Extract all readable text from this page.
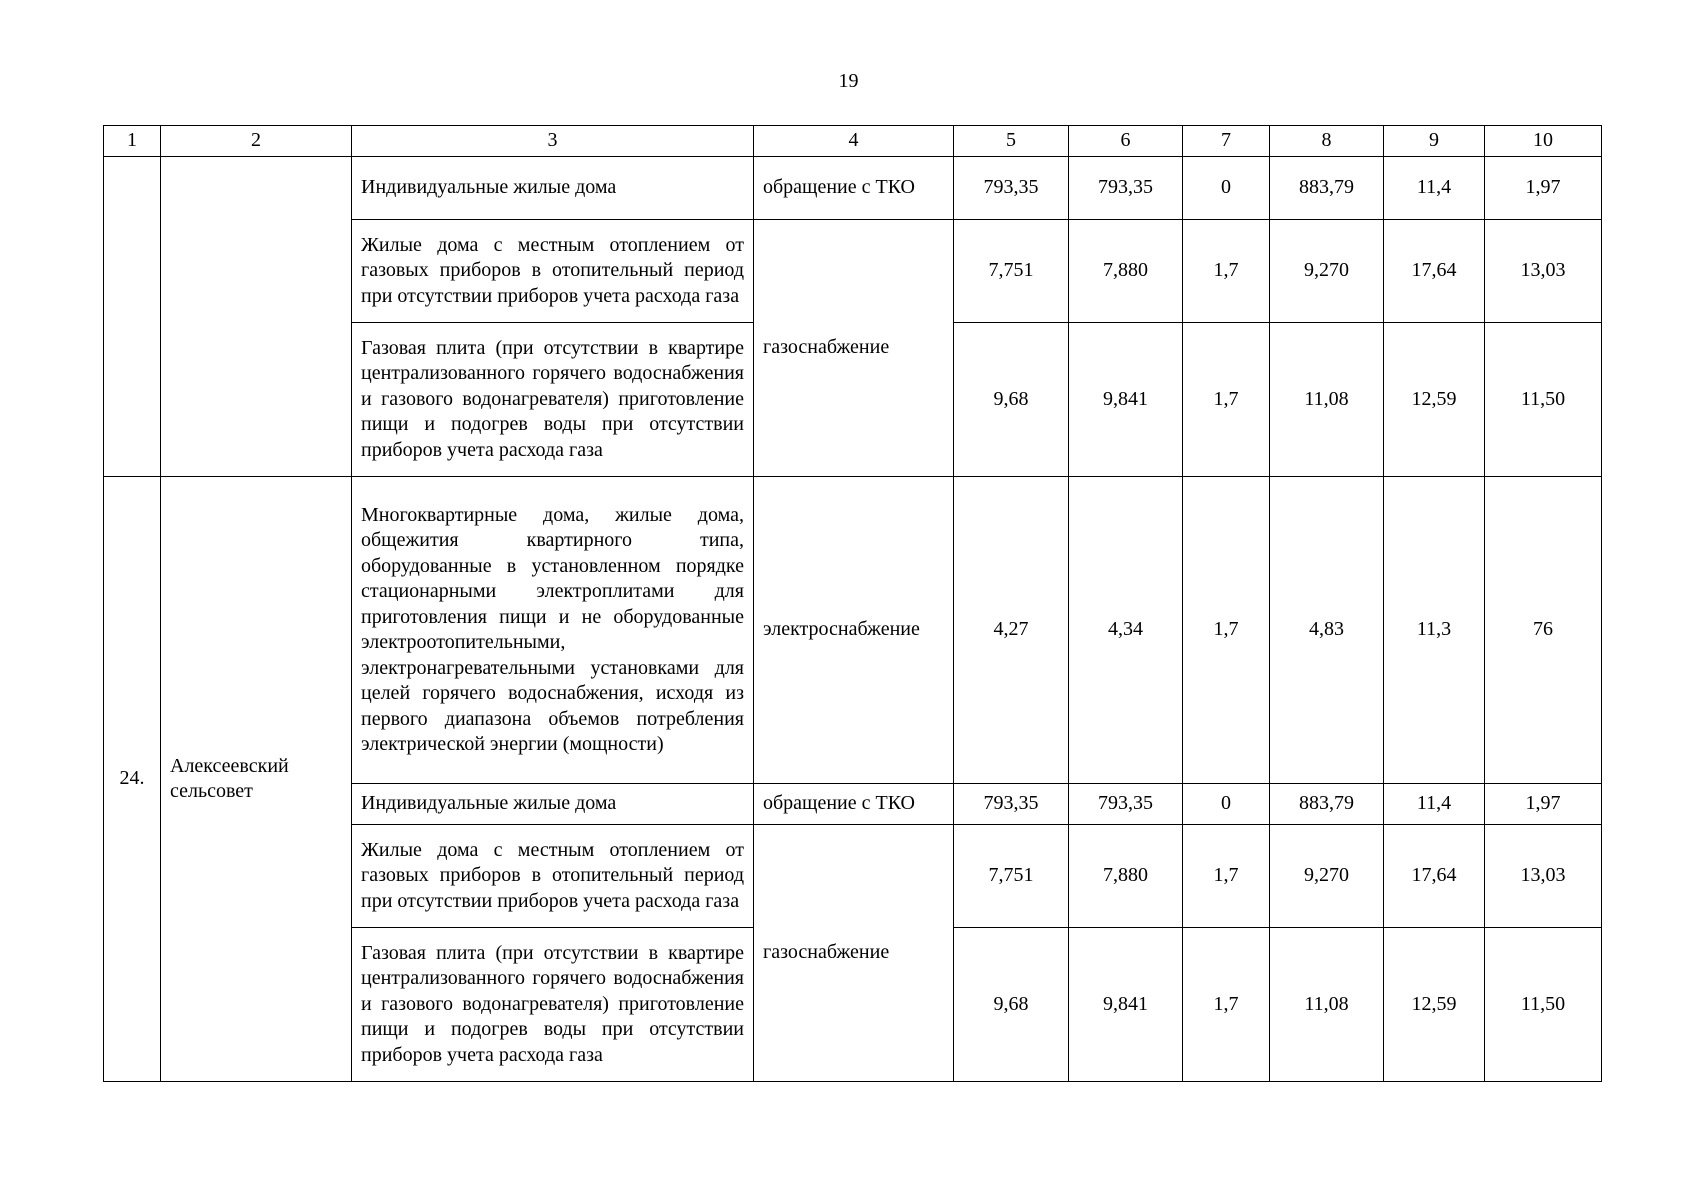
19
1	2	3	4	5	6	7	8	9	10
		Индивидуальные жилые дома	обращение с ТКО	793,35	793,35	0	883,79	11,4	1,97
		Жилые дома с местным отоплением от газовых приборов в отопительный период при отсутствии приборов учета расхода газа	газоснабжение	7,751	7,880	1,7	9,270	17,64	13,03
		Газовая плита (при отсутствии в квартире централизованного горячего водоснабжения и газового водонагревателя) приготовление пищи и подогрев воды при отсутствии приборов учета расхода газа		9,68	9,841	1,7	11,08	12,59	11,50
24.	Алексеевский сельсовет	Многоквартирные дома, жилые дома, общежития квартирного типа, оборудованные в установленном порядке стационарными электроплитами для приготовления пищи и не оборудованные электроотопительными, электронагревательными установками для целей горячего водоснабжения, исходя из первого диапазона объемов потребления электрической энергии (мощности)	электроснабжение	4,27	4,34	1,7	4,83	11,3	76
		Индивидуальные жилые дома	обращение с ТКО	793,35	793,35	0	883,79	11,4	1,97
		Жилые дома с местным отоплением от газовых приборов в отопительный период при отсутствии приборов учета расхода газа	газоснабжение	7,751	7,880	1,7	9,270	17,64	13,03
		Газовая плита (при отсутствии в квартире централизованного горячего водоснабжения и газового водонагревателя) приготовление пищи и подогрев воды при отсутствии приборов учета расхода газа		9,68	9,841	1,7	11,08	12,59	11,50
